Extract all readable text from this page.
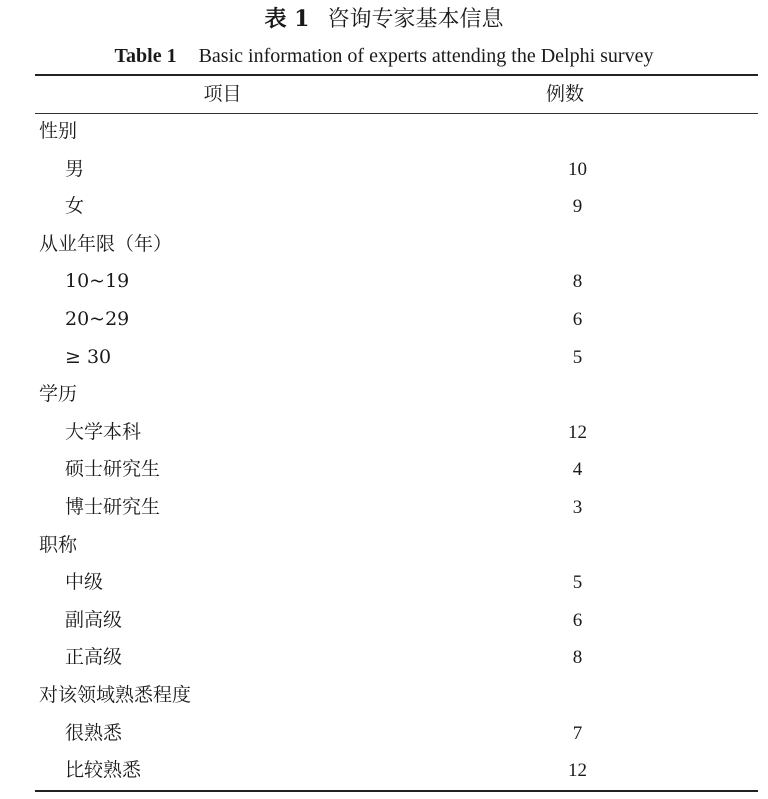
表 1 咨询专家基本信息
Table 1 Basic information of experts attending the Delphi survey
项目	例数
性别
男	10
女	9
从业年限（年）
10~19	8
20~29	6
≥ 30	5
学历
大学本科	12
硕士研究生	4
博士研究生	3
职称
中级	5
副高级	6
正高级	8
对该领域熟悉程度
很熟悉	7
比较熟悉	12
